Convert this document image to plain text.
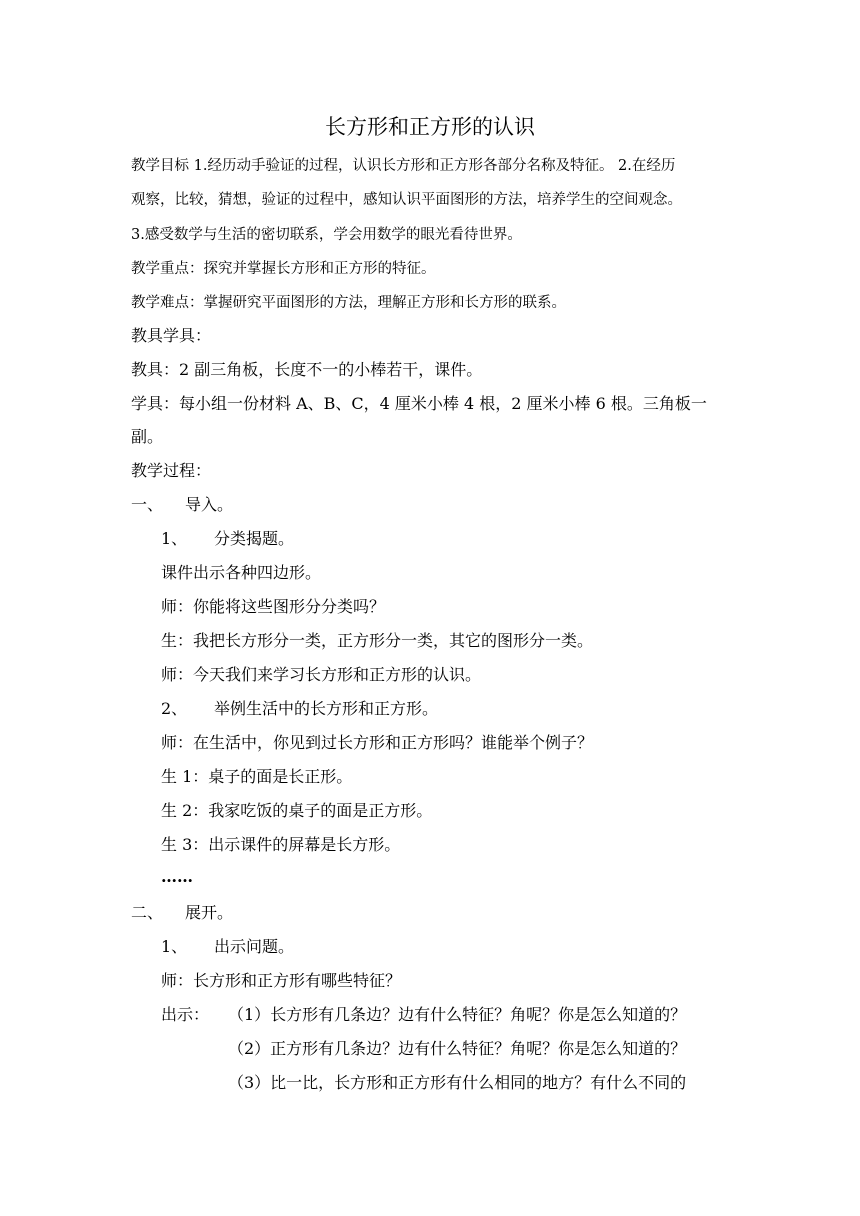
长方形和正方形的认识
教学目标 1.经历动手验证的过程，认识长方形和正方形各部分名称及特征。 2.在经历
观察，比较，猜想，验证的过程中，感知认识平面图形的方法，培养学生的空间观念。
3.感受数学与生活的密切联系，学会用数学的眼光看待世界。
教学重点：探究并掌握长方形和正方形的特征。
教学难点：掌握研究平面图形的方法，理解正方形和长方形的联系。
教具学具：
教具：2 副三角板，长度不一的小棒若干，课件。
学具：每小组一份材料 A、B、C，4 厘米小棒 4 根，2 厘米小棒 6 根。三角板一
副。
教学过程：
一、 导入。
1、 分类揭题。
课件出示各种四边形。
师：你能将这些图形分分类吗？
生：我把长方形分一类，正方形分一类，其它的图形分一类。
师：今天我们来学习长方形和正方形的认识。
2、 举例生活中的长方形和正方形。
师：在生活中，你见到过长方形和正方形吗？谁能举个例子？
生 1：桌子的面是长正形。
生 2：我家吃饭的桌子的面是正方形。
生 3：出示课件的屏幕是长方形。
……
二、 展开。
1、 出示问题。
师：长方形和正方形有哪些特征？
出示： （1）长方形有几条边？边有什么特征？角呢？你是怎么知道的？
（2）正方形有几条边？边有什么特征？角呢？你是怎么知道的？
（3）比一比，长方形和正方形有什么相同的地方？有什么不同的
